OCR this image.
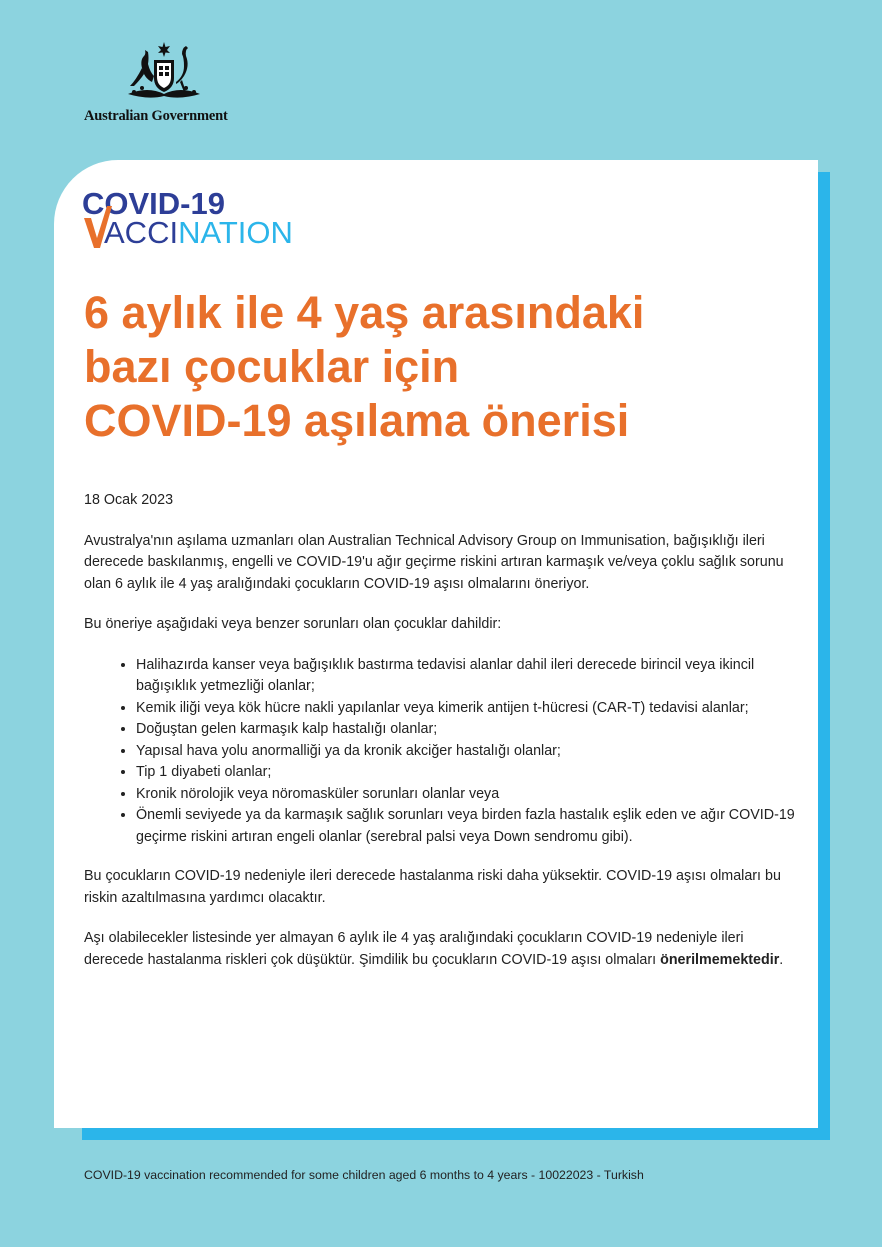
Australian Government
COVID-19
ACCINATION
6 aylık ile 4 yaş arasındaki
bazı çocuklar için
COVID-19 aşılama önerisi

18 Ocak 2023

Avustralya'nın aşılama uzmanları olan Australian Technical Advisory Group on Immunisation, bağışıklığı ileri derecede baskılanmış, engelli ve COVID-19'u ağır geçirme riskini artıran karmaşık ve/veya çoklu sağlık sorunu olan 6 aylık ile 4 yaş aralığındaki çocukların COVID-19 aşısı olmalarını öneriyor.

Bu öneriye aşağıdaki veya benzer sorunları olan çocuklar dahildir:

• Halihazırda kanser veya bağışıklık bastırma tedavisi alanlar dahil ileri derecede birincil veya ikincil bağışıklık yetmezliği olanlar;
• Kemik iliği veya kök hücre nakli yapılanlar veya kimerik antijen t-hücresi (CAR-T) tedavisi alanlar;
• Doğuştan gelen karmaşık kalp hastalığı olanlar;
• Yapısal hava yolu anormalliği ya da kronik akciğer hastalığı olanlar;
• Tip 1 diyabeti olanlar;
• Kronik nörolojik veya nöromasküler sorunları olanlar veya
• Önemli seviyede ya da karmaşık sağlık sorunları veya birden fazla hastalık eşlik eden ve ağır COVID-19 geçirme riskini artıran engeli olanlar (serebral palsi veya Down sendromu gibi).

Bu çocukların COVID-19 nedeniyle ileri derecede hastalanma riski daha yüksektir. COVID-19 aşısı olmaları bu riskin azaltılmasına yardımcı olacaktır.

Aşı olabilecekler listesinde yer almayan 6 aylık ile 4 yaş aralığındaki çocukların COVID-19 nedeniyle ileri derecede hastalanma riskleri çok düşüktür. Şimdilik bu çocukların COVID-19 aşısı olmaları önerilmemektedir.

COVID-19 vaccination recommended for some children aged 6 months to 4 years - 10022023 - Turkish
